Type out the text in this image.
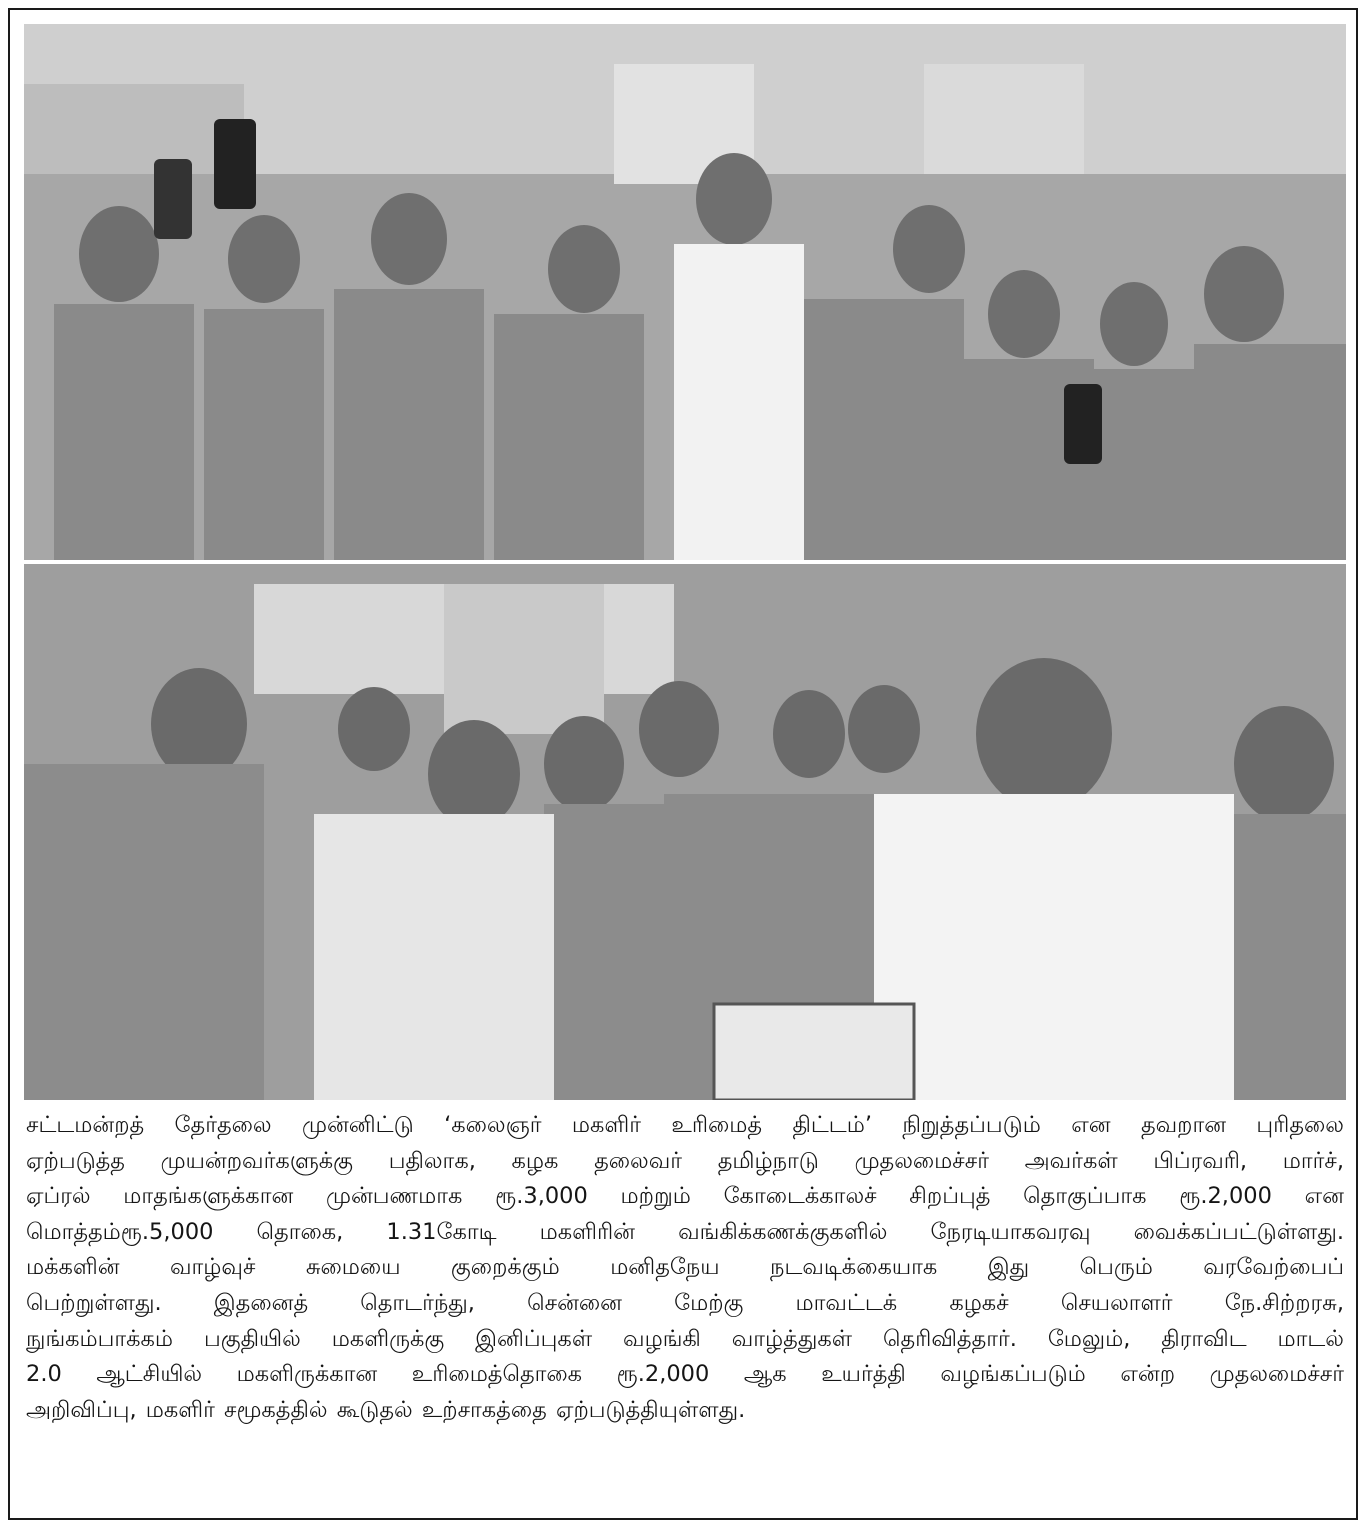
சட்டமன்றத் தேர்தலை முன்னிட்டு ‘கலைஞர் மகளிர் உரிமைத் திட்டம்’ நிறுத்தப்படும் என தவறான புரிதலை
ஏற்படுத்த முயன்றவர்களுக்கு பதிலாக, கழக தலைவர் தமிழ்நாடு முதலமைச்சர் அவர்கள் பிப்ரவரி, மார்ச்,
ஏப்ரல் மாதங்களுக்கான முன்பணமாக ரூ.3,000 மற்றும் கோடைக்காலச் சிறப்புத் தொகுப்பாக ரூ.2,000 என
மொத்தம்ரூ.5,000 தொகை, 1.31கோடி மகளிரின் வங்கிக்கணக்குகளில் நேரடியாகவரவு வைக்கப்பட்டுள்ளது.
மக்களின் வாழ்வுச் சுமையை குறைக்கும் மனிதநேய நடவடிக்கையாக இது பெரும் வரவேற்பைப்
பெற்றுள்ளது. இதனைத் தொடர்ந்து, சென்னை மேற்கு மாவட்டக் கழகச் செயலாளர் நே.சிற்றரசு,
நுங்கம்பாக்கம் பகுதியில் மகளிருக்கு இனிப்புகள் வழங்கி வாழ்த்துகள் தெரிவித்தார். மேலும், திராவிட மாடல்
2.0 ஆட்சியில் மகளிருக்கான உரிமைத்தொகை ரூ.2,000 ஆக உயர்த்தி வழங்கப்படும் என்ற முதலமைச்சர்
அறிவிப்பு, மகளிர் சமூகத்தில் கூடுதல் உற்சாகத்தை ஏற்படுத்தியுள்ளது.
